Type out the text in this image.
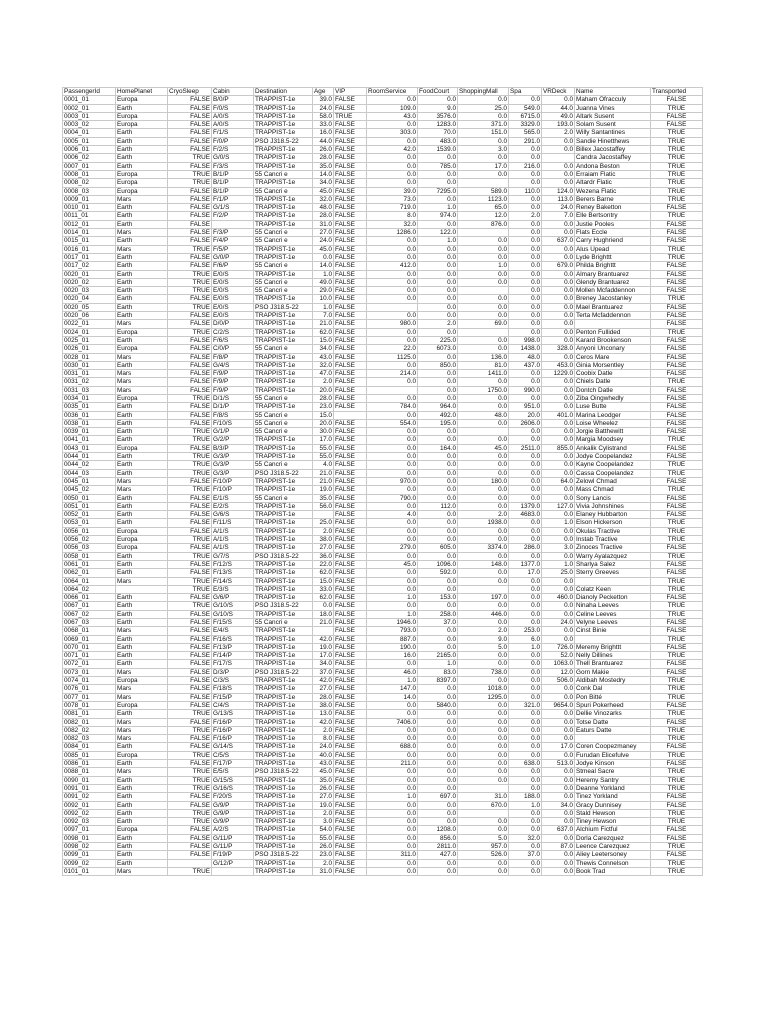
PassengerId	HomePlanet	CryoSleep	Cabin	Destination	Age	VIP	RoomService	FoodCourt	ShoppingMall	Spa	VRDeck	Name	Transported
0001_01	Europa	FALSE	B/0/P	TRAPPIST-1e	39.0	FALSE	0.0	0.0	0.0	0.0	0.0	Maham Ofracculy	FALSE
0002_01	Earth	FALSE	F/0/S	TRAPPIST-1e	24.0	FALSE	109.0	9.0	25.0	549.0	44.0	Juanna Vines	TRUE
0003_01	Europa	FALSE	A/0/S	TRAPPIST-1e	58.0	TRUE	43.0	3576.0	0.0	6715.0	49.0	Altark Susent	FALSE
0003_02	Europa	FALSE	A/0/S	TRAPPIST-1e	33.0	FALSE	0.0	1283.0	371.0	3329.0	193.0	Solam Susent	FALSE
0004_01	Earth	FALSE	F/1/S	TRAPPIST-1e	16.0	FALSE	303.0	70.0	151.0	565.0	2.0	Willy Santantines	TRUE
0005_01	Earth	FALSE	F/0/P	PSO J318.5-22	44.0	FALSE	0.0	483.0	0.0	291.0	0.0	Sandie Hinetthews	TRUE
0006_01	Earth	FALSE	F/2/S	TRAPPIST-1e	26.0	FALSE	42.0	1539.0	3.0	0.0	0.0	Billex Jacostaffey	TRUE
0006_02	Earth	TRUE	G/0/S	TRAPPIST-1e	28.0	FALSE	0.0	0.0	0.0	0.0		Candra Jacostaffey	TRUE
0007_01	Earth	FALSE	F/3/S	TRAPPIST-1e	35.0	FALSE	0.0	785.0	17.0	216.0	0.0	Andona Beston	TRUE
0008_01	Europa	TRUE	B/1/P	55 Cancri e	14.0	FALSE	0.0	0.0	0.0	0.0	0.0	Erraiam Flatic	TRUE
0008_02	Europa	TRUE	B/1/P	TRAPPIST-1e	34.0	FALSE	0.0	0.0		0.0	0.0	Altardr Flatic	TRUE
0008_03	Europa	FALSE	B/1/P	55 Cancri e	45.0	FALSE	39.0	7295.0	589.0	110.0	124.0	Wezena Flatic	TRUE
0009_01	Mars	FALSE	F/1/P	TRAPPIST-1e	32.0	FALSE	73.0	0.0	1123.0	0.0	113.0	Berers Barne	TRUE
0010_01	Earth	FALSE	G/1/S	TRAPPIST-1e	48.0	FALSE	719.0	1.0	65.0	0.0	24.0	Reney Baketton	FALSE
0011_01	Earth	FALSE	F/2/P	TRAPPIST-1e	28.0	FALSE	8.0	974.0	12.0	2.0	7.0	Elle Bertsontry	TRUE
0012_01	Earth	FALSE		TRAPPIST-1e	31.0	FALSE	32.0	0.0	876.0	0.0	0.0	Justie Pooles	FALSE
0014_01	Mars	FALSE	F/3/P	55 Cancri e	27.0	FALSE	1286.0	122.0		0.0	0.0	Flats Eccle	FALSE
0015_01	Earth	FALSE	F/4/P	55 Cancri e	24.0	FALSE	0.0	1.0	0.0	0.0	637.0	Carry Hughriend	FALSE
0016_01	Mars	TRUE	F/5/P	TRAPPIST-1e	45.0	FALSE	0.0	0.0	0.0	0.0	0.0	Alus Upead	TRUE
0017_01	Earth	FALSE	G/0/P	TRAPPIST-1e	0.0	FALSE	0.0	0.0	0.0	0.0	0.0	Lyde Brighttt	TRUE
0017_02	Earth	FALSE	F/6/P	55 Cancri e	14.0	FALSE	412.0	0.0	1.0	0.0	679.0	Philda Brighttt	FALSE
0020_01	Earth	TRUE	E/0/S	TRAPPIST-1e	1.0	FALSE	0.0	0.0	0.0	0.0	0.0	Almary Brantuarez	FALSE
0020_02	Earth	TRUE	E/0/S	55 Cancri e	49.0	FALSE	0.0	0.0	0.0	0.0	0.0	Glendy Brantuarez	FALSE
0020_03	Earth	TRUE	E/0/S	55 Cancri e	29.0	FALSE	0.0	0.0		0.0	0.0	Mollen Mcfaddennon	FALSE
0020_04	Earth	FALSE	E/0/S	TRAPPIST-1e	10.0	FALSE	0.0	0.0	0.0	0.0	0.0	Breney Jacostanley	TRUE
0020_05	Earth	TRUE	E/0/S	PSO J318.5-22	1.0	FALSE		0.0	0.0	0.0	0.0	Mael Brantuarez	FALSE
0020_06	Earth	FALSE	E/0/S	TRAPPIST-1e	7.0	FALSE	0.0	0.0	0.0	0.0	0.0	Terta Mcfaddennon	FALSE
0022_01	Mars	FALSE	D/0/P	TRAPPIST-1e	21.0	FALSE	980.0	2.0	69.0	0.0	0.0		FALSE
0024_01	Europa	TRUE	C/2/S	TRAPPIST-1e	62.0	FALSE	0.0	0.0		0.0	0.0	Penton Fullided	TRUE
0025_01	Earth	FALSE	F/6/S	TRAPPIST-1e	15.0	FALSE	0.0	225.0	0.0	998.0	0.0	Karard Brookenson	FALSE
0026_01	Europa	FALSE	C/0/P	55 Cancri e	34.0	FALSE	22.0	6073.0	0.0	1438.0	328.0	Anyoni Unconary	FALSE
0028_01	Mars	FALSE	F/8/P	TRAPPIST-1e	43.0	FALSE	1125.0	0.0	136.0	48.0	0.0	Ceros Mare	FALSE
0030_01	Earth	FALSE	G/4/S	TRAPPIST-1e	32.0	FALSE	0.0	850.0	81.0	437.0	453.0	Ginia Morsentley	FALSE
0031_01	Mars	FALSE	F/9/P	TRAPPIST-1e	47.0	FALSE	214.0	0.0	1411.0	0.0	1229.0	Coobix Datle	FALSE
0031_02	Mars	FALSE	F/9/P	TRAPPIST-1e	2.0	FALSE	0.0	0.0	0.0	0.0	0.0	Chiels Datle	TRUE
0031_03	Mars	FALSE	F/9/P	TRAPPIST-1e	20.0	FALSE		0.0	1750.0	990.0	0.0	Dontch Datle	FALSE
0034_01	Europa	TRUE	D/1/S	55 Cancri e	28.0	FALSE	0.0	0.0	0.0	0.0	0.0	Ziba Oingwhedly	FALSE
0035_01	Earth	FALSE	D/1/P	TRAPPIST-1e	23.0	FALSE	784.0	964.0	0.0	951.0	0.0	Luse Butte	FALSE
0036_01	Earth	FALSE	F/8/S	55 Cancri e	15.0		0.0	492.0	48.0	20.0	401.0	Marina Leodger	FALSE
0038_01	Earth	FALSE	F/10/S	55 Cancri e	20.0	FALSE	554.0	195.0	0.0	2606.0	0.0	Loise Wheelez	FALSE
0039_01	Earth	TRUE	G/1/P	55 Cancri e	30.0	FALSE	0.0	0.0		0.0	0.0	Jorgie Batthewitt	FALSE
0041_01	Earth	TRUE	G/2/P	TRAPPIST-1e	17.0	FALSE	0.0	0.0	0.0	0.0	0.0	Margia Moodsey	TRUE
0043_01	Europa	FALSE	B/3/P	TRAPPIST-1e	55.0	FALSE	0.0	164.0	45.0	2511.0	855.0	Ankalik Cylistrand	FALSE
0044_01	Earth	TRUE	G/3/P	TRAPPIST-1e	55.0	FALSE	0.0	0.0	0.0	0.0	0.0	Jodye Coopelandez	FALSE
0044_02	Earth	TRUE	G/3/P	55 Cancri e	4.0	FALSE	0.0	0.0	0.0	0.0	0.0	Kayne Coopelandez	TRUE
0044_03	Earth	TRUE	G/3/P	PSO J318.5-22	21.0	FALSE	0.0	0.0	0.0	0.0	0.0	Cassa Coopelandez	TRUE
0045_01	Mars	FALSE	F/10/P	TRAPPIST-1e	21.0	FALSE	970.0	0.0	180.0	0.0	64.0	Zelowl Chmad	FALSE
0045_02	Mars	TRUE	F/10/P	TRAPPIST-1e	19.0	FALSE	0.0	0.0	0.0	0.0	0.0	Mass Chmad	TRUE
0050_01	Earth	FALSE	E/1/S	55 Cancri e	35.0	FALSE	790.0	0.0	0.0	0.0	0.0	Sony Lancis	FALSE
0051_01	Earth	FALSE	E/2/S	TRAPPIST-1e	56.0	FALSE	0.0	112.0	0.0	1379.0	127.0	Vivia Johnshines	FALSE
0052_01	Earth	FALSE	G/6/S	TRAPPIST-1e		FALSE	4.0	0.0	2.0	4683.0	0.0	Elaney Hubbarton	FALSE
0053_01	Earth	FALSE	F/11/S	TRAPPIST-1e	25.0	FALSE	0.0	0.0	1938.0	0.0	1.0	Elson Hickerson	TRUE
0056_01	Europa	FALSE	A/1/S	TRAPPIST-1e	2.0	FALSE	0.0	0.0	0.0	0.0	0.0	Okulas Tractive	TRUE
0056_02	Europa	TRUE	A/1/S	TRAPPIST-1e	38.0	FALSE	0.0	0.0	0.0	0.0	0.0	Instab Tractive	TRUE
0056_03	Europa	FALSE	A/1/S	TRAPPIST-1e	27.0	FALSE	279.0	605.0	3374.0	286.0	3.0	Zinoces Tractive	FALSE
0058_01	Earth	TRUE	G/7/S	PSO J318.5-22	36.0	FALSE	0.0	0.0	0.0	0.0	0.0	Warry Ayalazquez	TRUE
0061_01	Earth	FALSE	F/12/S	TRAPPIST-1e	22.0	FALSE	45.0	1096.0	148.0	1377.0	1.0	Sharlya Salez	FALSE
0062_01	Earth	FALSE	F/13/S	TRAPPIST-1e	62.0	FALSE	0.0	592.0	0.0	17.0	25.0	Sterry Greeves	FALSE
0064_01	Mars	TRUE	F/14/S	TRAPPIST-1e	15.0	FALSE	0.0	0.0	0.0	0.0	0.0		TRUE
0064_02		TRUE	E/3/S	TRAPPIST-1e	33.0	FALSE	0.0	0.0		0.0	0.0	Colatz Keen	TRUE
0066_01	Earth	FALSE	G/6/P	TRAPPIST-1e	62.0	FALSE	1.0	153.0	197.0	0.0	460.0	Dianoly Pecketton	FALSE
0067_01	Earth	TRUE	G/10/S	PSO J318.5-22	0.0	FALSE	0.0	0.0	0.0	0.0	0.0	Ninaha Leeves	TRUE
0067_02	Earth	FALSE	G/10/S	TRAPPIST-1e	18.0	FALSE	1.0	258.0	446.0	0.0	0.0	Celine Leeves	TRUE
0067_03	Earth	FALSE	F/15/S	55 Cancri e	21.0	FALSE	1946.0	37.0	0.0	0.0	24.0	Velyne Leeves	FALSE
0068_01	Mars	FALSE	E/4/S	TRAPPIST-1e		FALSE	793.0	0.0	2.0	253.0	0.0	Cinst Binie	FALSE
0069_01	Earth	FALSE	F/16/S	TRAPPIST-1e	42.0	FALSE	887.0	0.0	9.0	6.0	0.0		TRUE
0070_01	Earth	FALSE	F/13/P	TRAPPIST-1e	19.0	FALSE	190.0	0.0	5.0	1.0	726.0	Meremy Brighttt	FALSE
0071_01	Earth	FALSE	F/14/P	TRAPPIST-1e	17.0	FALSE	16.0	2165.0	0.0	0.0	52.0	Nelly Dillines	TRUE
0072_01	Earth	FALSE	F/17/S	TRAPPIST-1e	34.0	FALSE	0.0	1.0	0.0	0.0	1063.0	Thell Brantuarez	FALSE
0073_01	Mars	FALSE	D/3/P	PSO J318.5-22	37.0	FALSE	46.0	83.0	738.0	0.0	12.0	Gorn Makie	FALSE
0074_01	Europa	FALSE	C/3/S	TRAPPIST-1e	42.0	FALSE	1.0	8397.0	0.0	0.0	506.0	Aldibah Mostedry	TRUE
0076_01	Mars	FALSE	F/18/S	TRAPPIST-1e	27.0	FALSE	147.0	0.0	1018.0	0.0	0.0	Conk Dal	TRUE
0077_01	Mars	FALSE	F/15/P	TRAPPIST-1e	28.0	FALSE	14.0	0.0	1295.0	0.0	0.0	Pon Bitté	TRUE
0078_01	Europa	FALSE	C/4/S	TRAPPIST-1e	38.0	FALSE	0.0	5840.0	0.0	321.0	9654.0	Spuri Pokerheed	FALSE
0081_01	Earth	TRUE	G/13/S	TRAPPIST-1e	13.0	FALSE	0.0	0.0	0.0	0.0	0.0	Dellie Vinozarks	TRUE
0082_01	Mars	FALSE	F/16/P	TRAPPIST-1e	42.0	FALSE	7406.0	0.0	0.0	0.0	0.0	Totse Datte	FALSE
0082_02	Mars	TRUE	F/16/P	TRAPPIST-1e	2.0	FALSE	0.0	0.0	0.0	0.0	0.0	Eaturs Datte	TRUE
0082_03	Mars	FALSE	F/16/P	TRAPPIST-1e	8.0	FALSE	0.0	0.0	0.0	0.0	0.0		TRUE
0084_01	Earth	FALSE	G/14/S	TRAPPIST-1e	24.0	FALSE	688.0	0.0	0.0	0.0	17.0	Coren Coopezmaney	FALSE
0085_01	Europa	TRUE	C/5/S	TRAPPIST-1e	40.0	FALSE	0.0	0.0	0.0	0.0	0.0	Furudan Elicefulve	TRUE
0086_01	Earth	FALSE	F/17/P	TRAPPIST-1e	43.0	FALSE	211.0	0.0	0.0	638.0	513.0	Jodye Kinson	FALSE
0088_01	Mars	TRUE	E/5/S	PSO J318.5-22	45.0	FALSE	0.0	0.0	0.0	0.0	0.0	Stmeal Sacre	TRUE
0090_01	Earth	TRUE	G/15/S	TRAPPIST-1e	35.0	FALSE	0.0	0.0	0.0	0.0	0.0	Heremy Santry	TRUE
0091_01	Earth	TRUE	G/16/S	TRAPPIST-1e	26.0	FALSE	0.0	0.0		0.0	0.0	Deanne Yorkland	TRUE
0091_02	Earth	FALSE	F/20/S	TRAPPIST-1e	27.0	FALSE	1.0	697.0	31.0	188.0	0.0	Tinez Yorkland	FALSE
0092_01	Earth	FALSE	G/9/P	TRAPPIST-1e	19.0	FALSE	0.0	0.0	670.0	1.0	34.0	Gracy Dunnisey	FALSE
0092_02	Earth	TRUE	G/9/P	TRAPPIST-1e	2.0	FALSE	0.0	0.0		0.0	0.0	Stald Hewson	TRUE
0092_03	Earth	TRUE	G/9/P	TRAPPIST-1e	3.0	FALSE	0.0	0.0	0.0	0.0	0.0	Tiney Hewson	TRUE
0097_01	Europa	FALSE	A/2/S	TRAPPIST-1e	54.0	FALSE	0.0	1208.0	0.0	0.0	637.0	Alchium Fictful	FALSE
0098_01	Earth	FALSE	G/11/P	TRAPPIST-1e	55.0	FALSE	0.0	856.0	5.0	32.0	0.0	Dorla Carezquez	FALSE
0098_02	Earth	FALSE	G/11/P	TRAPPIST-1e	26.0	FALSE	0.0	2811.0	957.0	0.0	87.0	Leence Carezquez	TRUE
0099_01	Earth	FALSE	F/19/P	PSO J318.5-22	23.0	FALSE	311.0	427.0	526.0	37.0	0.0	Aliey Leetersoney	FALSE
0099_02	Earth		G/12/P	TRAPPIST-1e	2.0	FALSE	0.0	0.0	0.0	0.0	0.0	Thewis Connelson	TRUE
0101_01	Mars	TRUE		TRAPPIST-1e	31.0	FALSE	0.0	0.0	0.0	0.0	0.0	Book Trad	TRUE
